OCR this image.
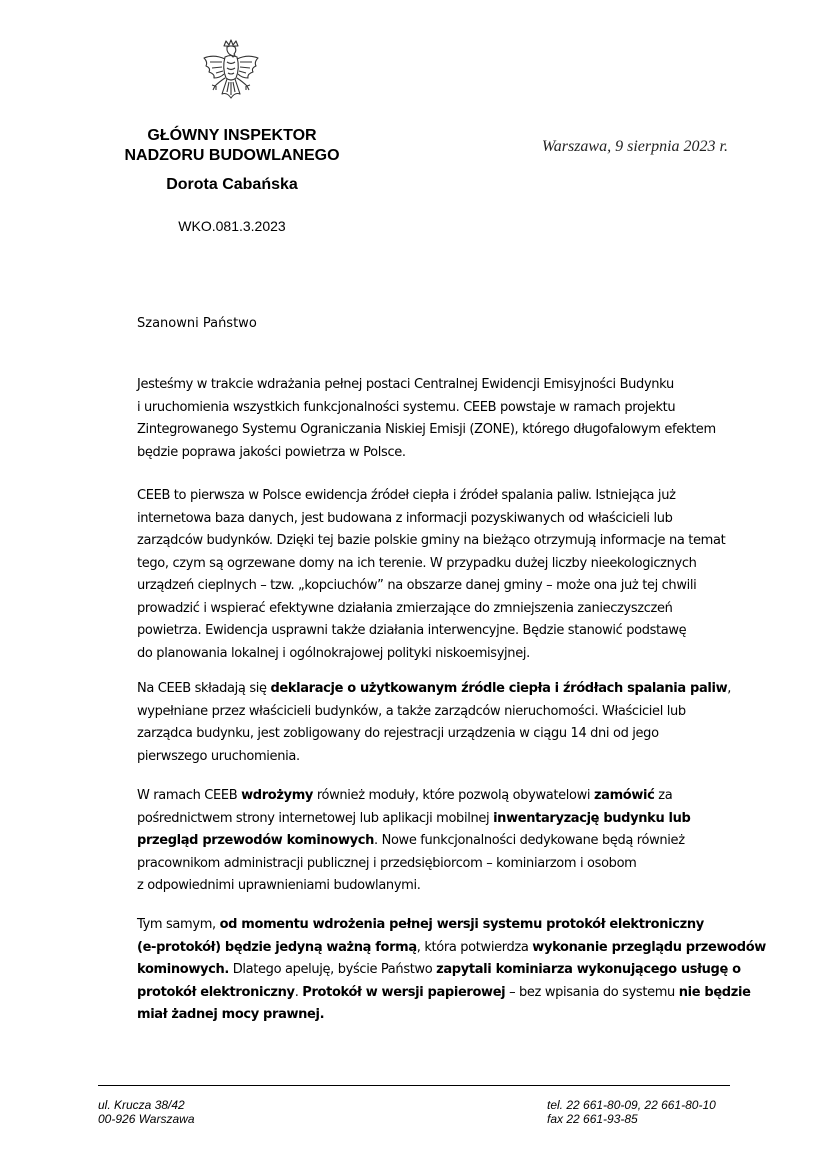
GŁÓWNY INSPEKTOR
NADZORU BUDOWLANEGO
Dorota Cabańska
WKO.081.3.2023
Warszawa, 9 sierpnia 2023 r.
Szanowni Państwo
Jesteśmy w trakcie wdrażania pełnej postaci Centralnej Ewidencji Emisyjności Budynku
i uruchomienia wszystkich funkcjonalności systemu. CEEB powstaje w ramach projektu
Zintegrowanego Systemu Ograniczania Niskiej Emisji (ZONE), którego długofalowym efektem
będzie poprawa jakości powietrza w Polsce.
CEEB to pierwsza w Polsce ewidencja źródeł ciepła i źródeł spalania paliw. Istniejąca już
internetowa baza danych, jest budowana z informacji pozyskiwanych od właścicieli lub
zarządców budynków. Dzięki tej bazie polskie gminy na bieżąco otrzymują informacje na temat
tego, czym są ogrzewane domy na ich terenie. W przypadku dużej liczby nieekologicznych
urządzeń cieplnych – tzw. „kopciuchów” na obszarze danej gminy – może ona już tej chwili
prowadzić i wspierać efektywne działania zmierzające do zmniejszenia zanieczyszczeń
powietrza. Ewidencja usprawni także działania interwencyjne. Będzie stanowić podstawę
do planowania lokalnej i ogólnokrajowej polityki niskoemisyjnej.
Na CEEB składają się deklaracje o użytkowanym źródle ciepła i źródłach spalania paliw,
wypełniane przez właścicieli budynków, a także zarządców nieruchomości. Właściciel lub
zarządca budynku, jest zobligowany do rejestracji urządzenia w ciągu 14 dni od jego
pierwszego uruchomienia.
W ramach CEEB wdrożymy również moduły, które pozwolą obywatelowi zamówić za
pośrednictwem strony internetowej lub aplikacji mobilnej inwentaryzację budynku lub
przegląd przewodów kominowych. Nowe funkcjonalności dedykowane będą również
pracownikom administracji publicznej i przedsiębiorcom – kominiarzom i osobom
z odpowiednimi uprawnieniami budowlanymi.
Tym samym, od momentu wdrożenia pełnej wersji systemu protokół elektroniczny
(e-protokół) będzie jedyną ważną formą, która potwierdza wykonanie przeglądu przewodów
kominowych. Dlatego apeluję, byście Państwo zapytali kominiarza wykonującego usługę o
protokół elektroniczny. Protokół w wersji papierowej – bez wpisania do systemu nie będzie
miał żadnej mocy prawnej.
ul. Krucza 38/42
00-926 Warszawa
tel. 22 661-80-09, 22 661-80-10
fax 22 661-93-85
